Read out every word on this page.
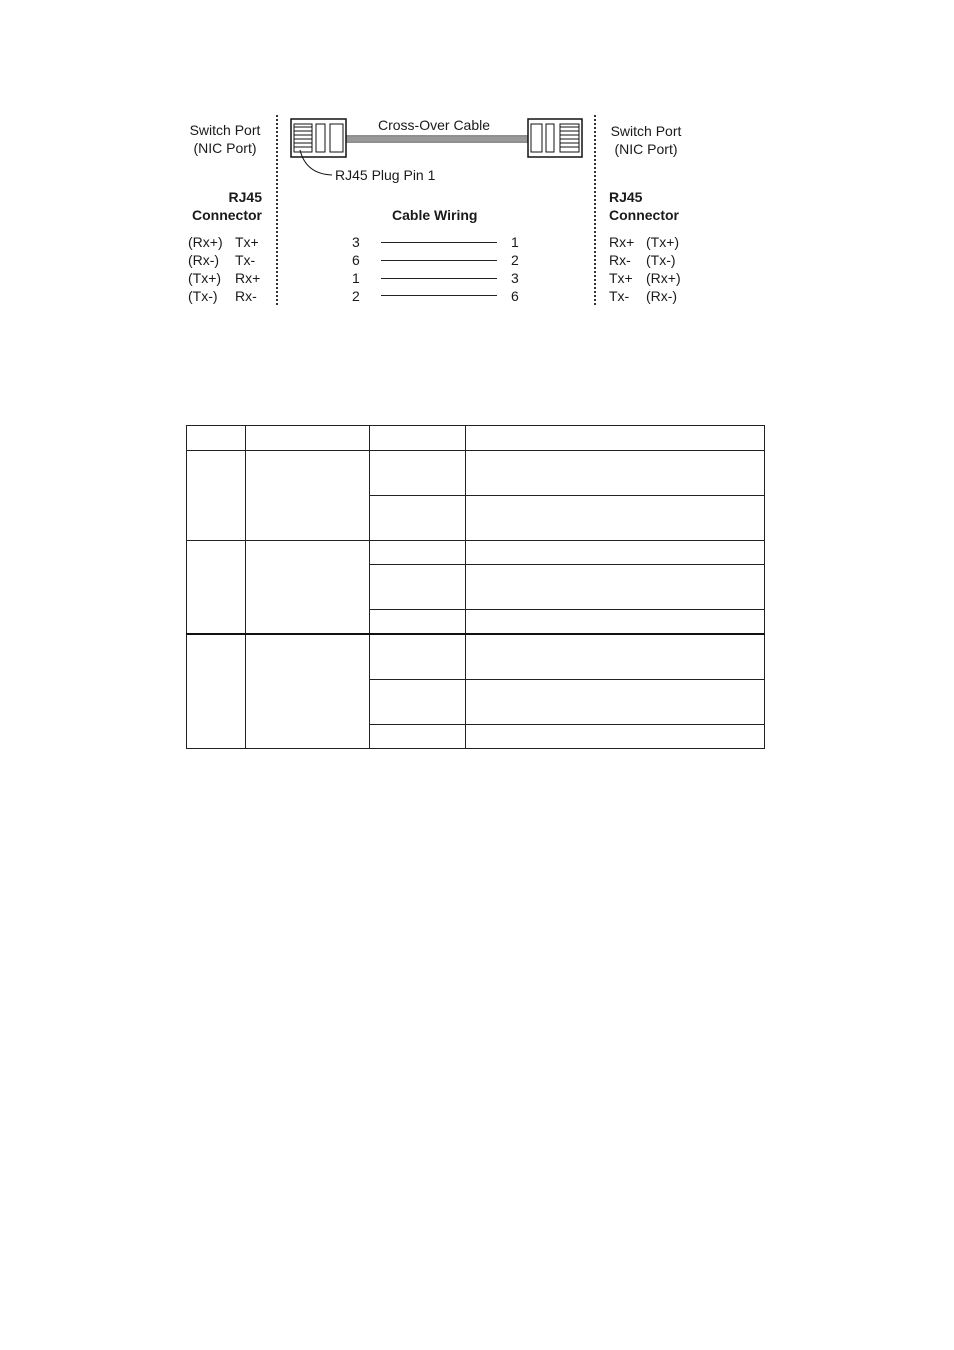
Switch Port
(NIC Port)
RJ45
Connector
Switch Port
(NIC Port)
RJ45
Connector
Cross-Over Cable
RJ45 Plug Pin 1
Cable Wiring
(Rx+) Tx+	3	1	Rx+ (Tx+)
(Rx-) Tx-	6	2	Rx- (Tx-)
(Tx+) Rx+	1	3	Tx+ (Rx+)
(Tx-) Rx-	2	6	Tx- (Rx-)
